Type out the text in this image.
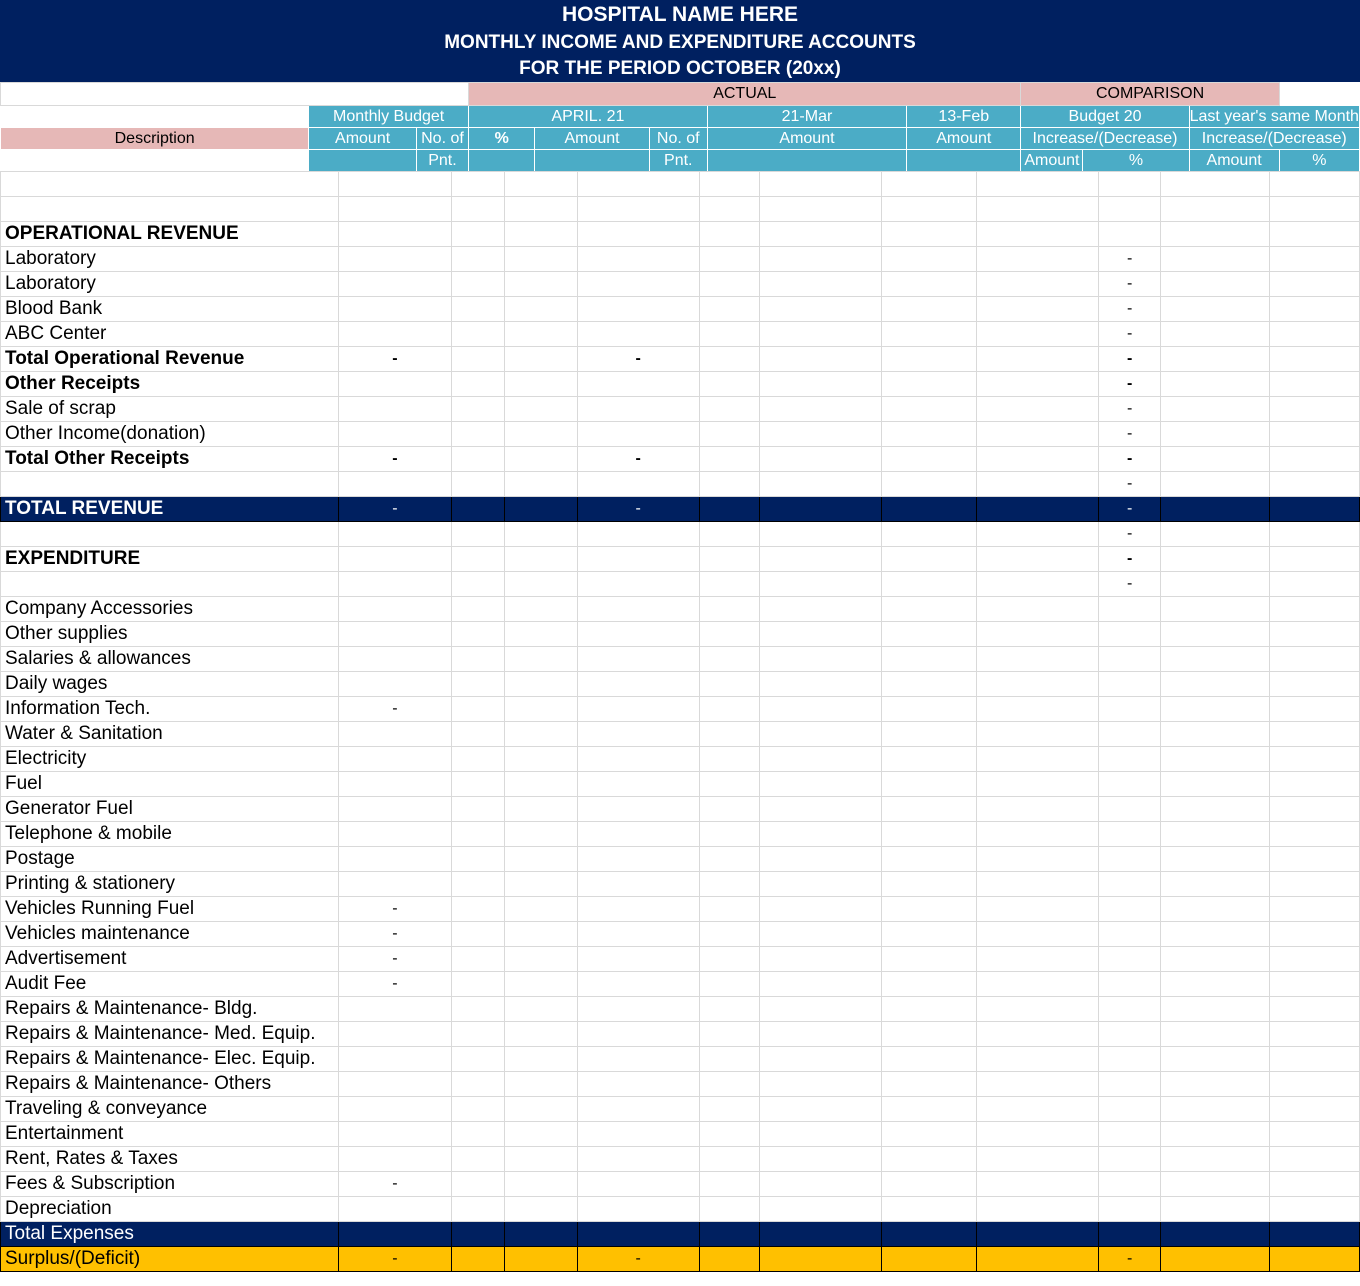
HOSPITAL NAME HERE
MONTHLY INCOME AND EXPENDITURE ACCOUNTS
FOR THE PERIOD OCTOBER (20xx)
			ACTUAL					COMPARISON			
	Monthly Budget		APRIL. 21			21-Mar	13-Feb	Budget 20		Last year's same Month	
Description	Amount	No. of	%	Amount	No. of	Amount	Amount	Increase/(Decrease)		Increase/(Decrease)	
		Pnt.			Pnt.			Amount	%	Amount	%

OPERATIONAL REVENUE											
Laboratory									-		
Laboratory									-		
Blood Bank									-		
ABC Center									-		
Total Operational Revenue	-			-					-		
Other Receipts									-		
Sale of scrap									-		
Other Income(donation)									-		
Total Other Receipts	-			-					-		
									-		
TOTAL REVENUE	-			-					-		
									-		
EXPENDITURE									-		
									-		
Company Accessories											
Other supplies											
Salaries & allowances											
Daily wages											
Information Tech.	-										
Water & Sanitation											
Electricity											
Fuel											
Generator Fuel											
Telephone & mobile											
Postage											
Printing & stationery											
Vehicles Running Fuel	-										
Vehicles maintenance	-										
Advertisement	-										
Audit Fee	-										
Repairs & Maintenance- Bldg.											
Repairs & Maintenance- Med. Equip.											
Repairs & Maintenance- Elec. Equip.											
Repairs & Maintenance- Others											
Traveling & conveyance											
Entertainment											
Rent, Rates & Taxes											
Fees & Subscription	-										
Depreciation											
Total Expenses											
Surplus/(Deficit)	-			-					-		
